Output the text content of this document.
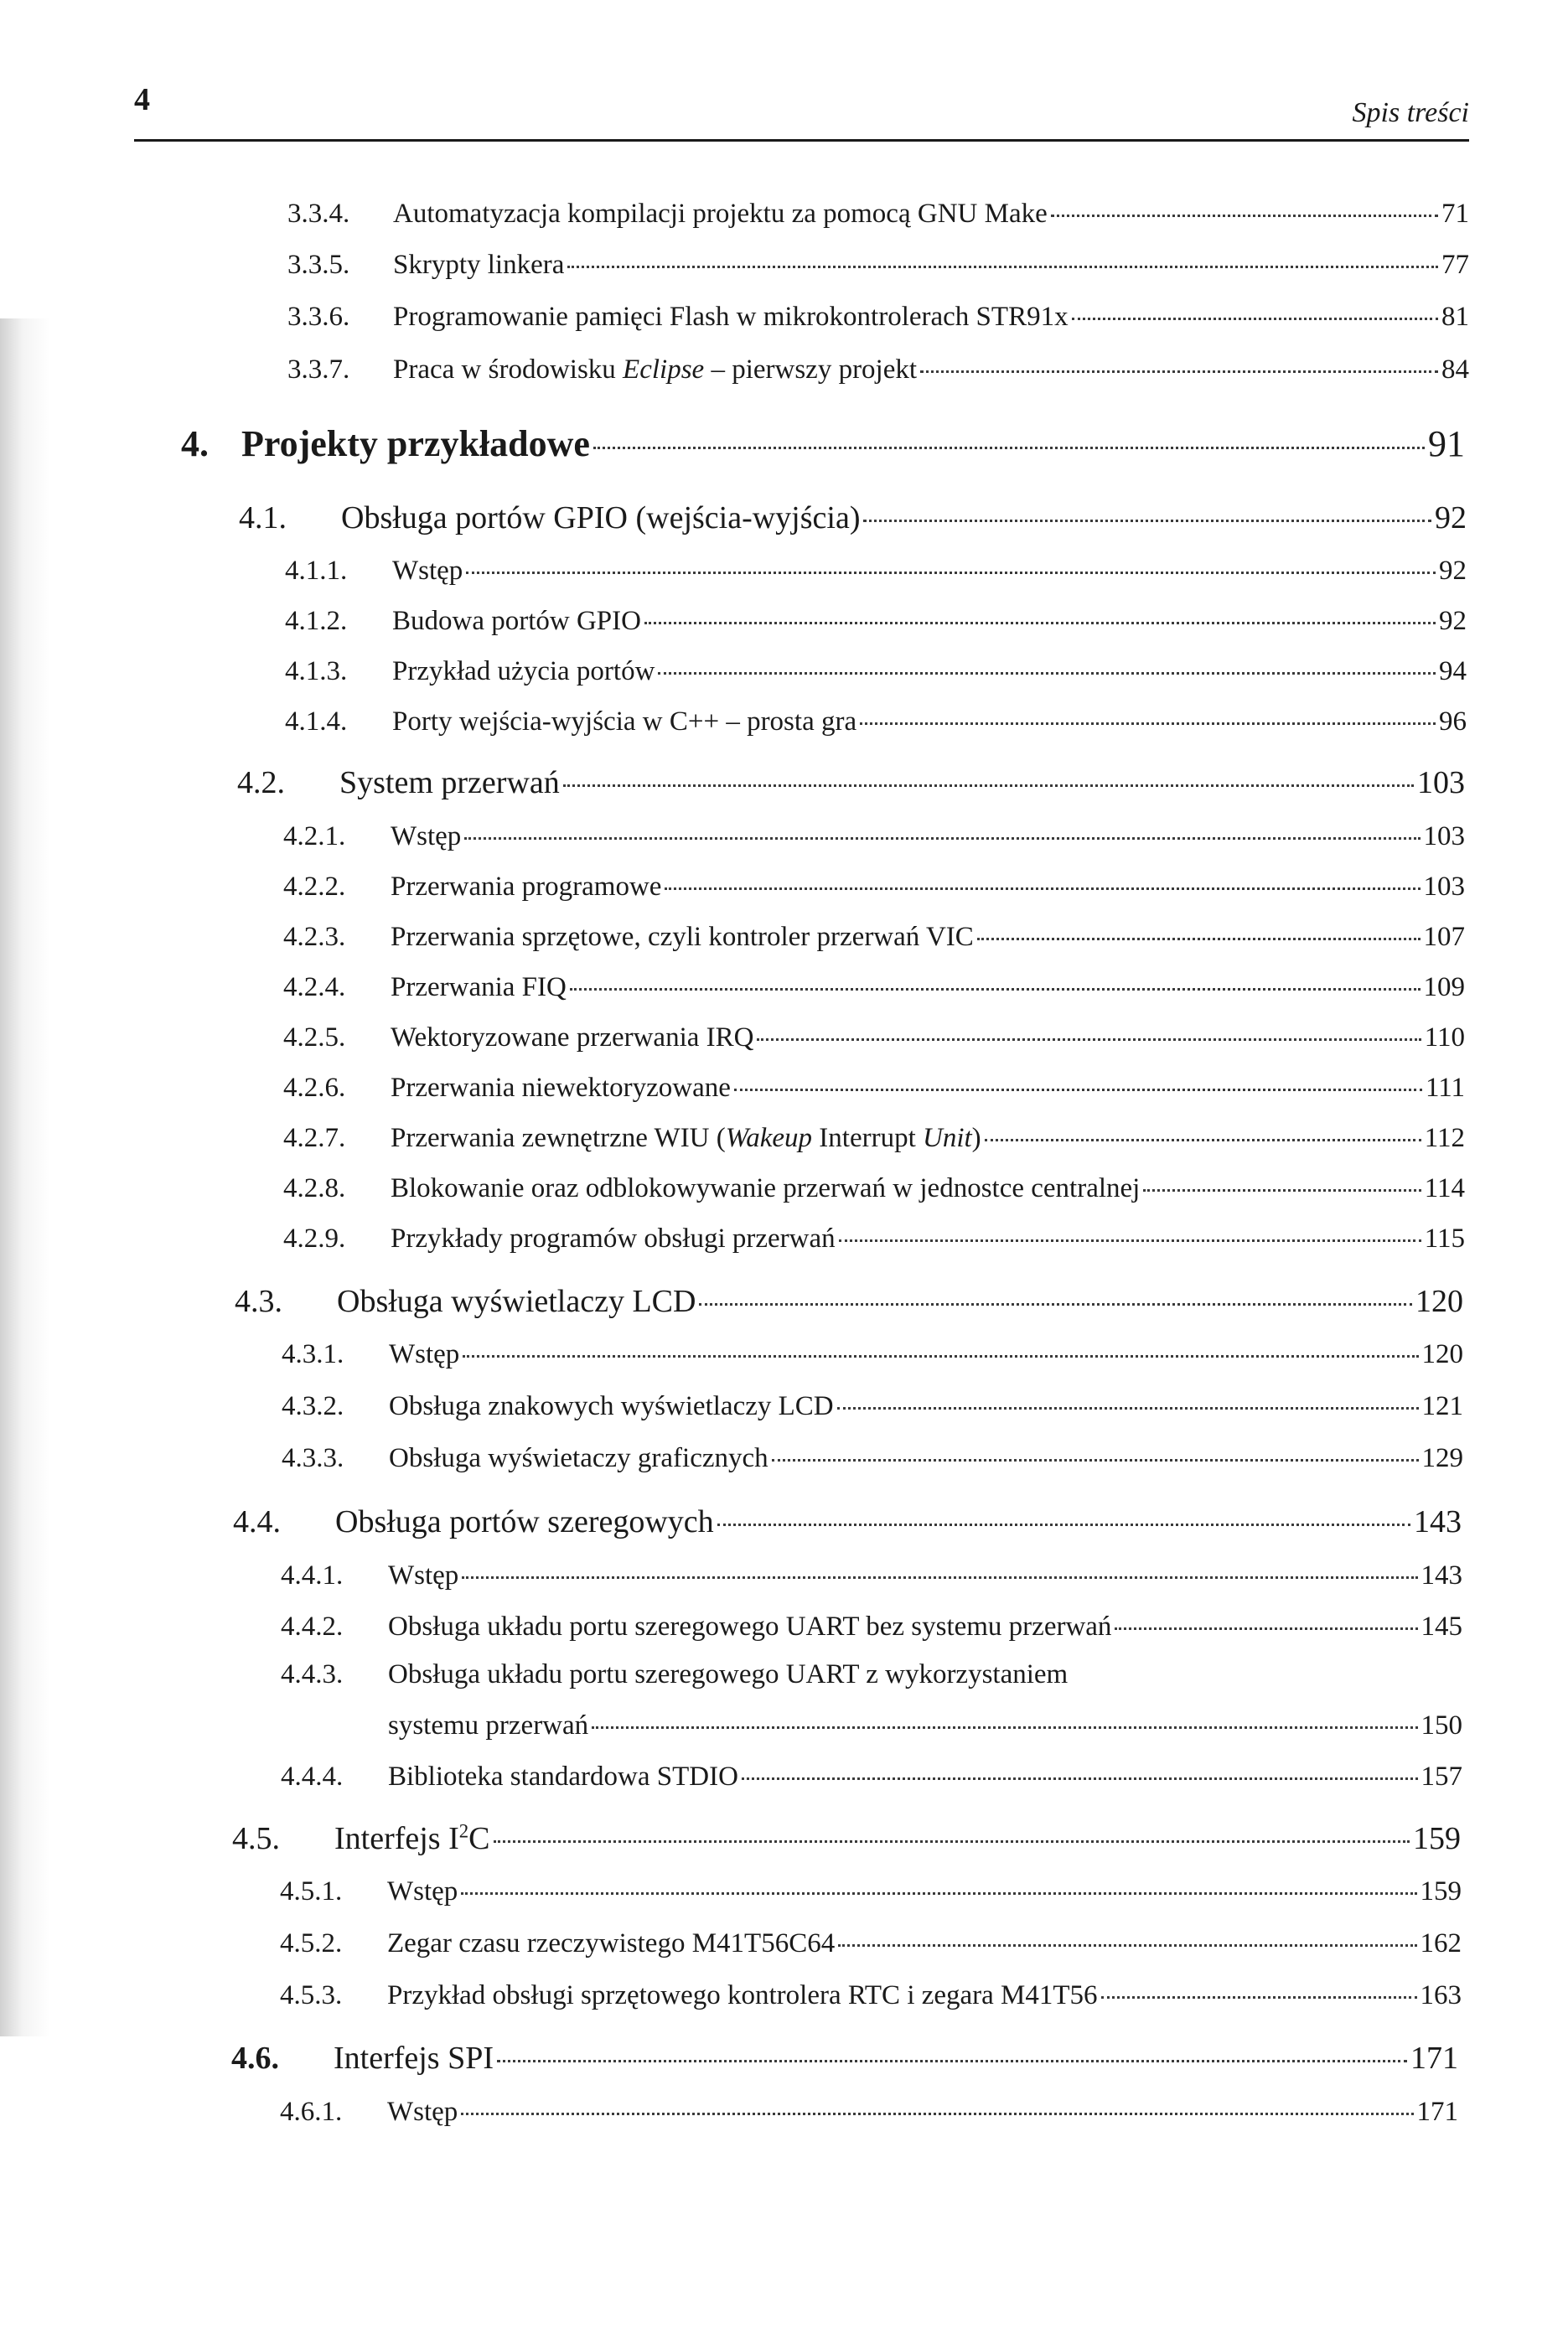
4	Spis treści
3.3.4.	Automatyzacja kompilacji projektu za pomocą GNU Make	71
3.3.5.	Skrypty linkera	77
3.3.6.	Programowanie pamięci Flash w mikrokontrolerach STR91x	81
3.3.7.	Praca w środowisku Eclipse – pierwszy projekt	84
4. Projekty przykładowe	91
4.1.	Obsługa portów GPIO (wejścia-wyjścia)	92
4.1.1.	Wstęp	92
4.1.2.	Budowa portów GPIO	92
4.1.3.	Przykład użycia portów	94
4.1.4.	Porty wejścia-wyjścia w C++ – prosta gra	96
4.2.	System przerwań	103
4.2.1.	Wstęp	103
4.2.2.	Przerwania programowe	103
4.2.3.	Przerwania sprzętowe, czyli kontroler przerwań VIC	107
4.2.4.	Przerwania FIQ	109
4.2.5.	Wektoryzowane przerwania IRQ	110
4.2.6.	Przerwania niewektoryzowane	111
4.2.7.	Przerwania zewnętrzne WIU (Wakeup Interrupt Unit)	112
4.2.8.	Blokowanie oraz odblokowywanie przerwań w jednostce centralnej	114
4.2.9.	Przykłady programów obsługi przerwań	115
4.3.	Obsługa wyświetlaczy LCD	120
4.3.1.	Wstęp	120
4.3.2.	Obsługa znakowych wyświetlaczy LCD	121
4.3.3.	Obsługa wyświetaczy graficznych	129
4.4.	Obsługa portów szeregowych	143
4.4.1.	Wstęp	143
4.4.2.	Obsługa układu portu szeregowego UART bez systemu przerwań	145
4.4.3. Obsługa układu portu szeregowego UART z wykorzystaniem
systemu przerwań	150
4.4.4.	Biblioteka standardowa STDIO	157
4.5.	Interfejs $I^2C$	159
4.5.1.	Wstęp	159
4.5.2.	Zegar czasu rzeczywistego M41T56C64	162
4.5.3.	Przykład obsługi sprzętowego kontrolera RTC i zegara M41T56	163
4.6.	Interfejs SPI	171
4.6.1.	Wstęp	171
